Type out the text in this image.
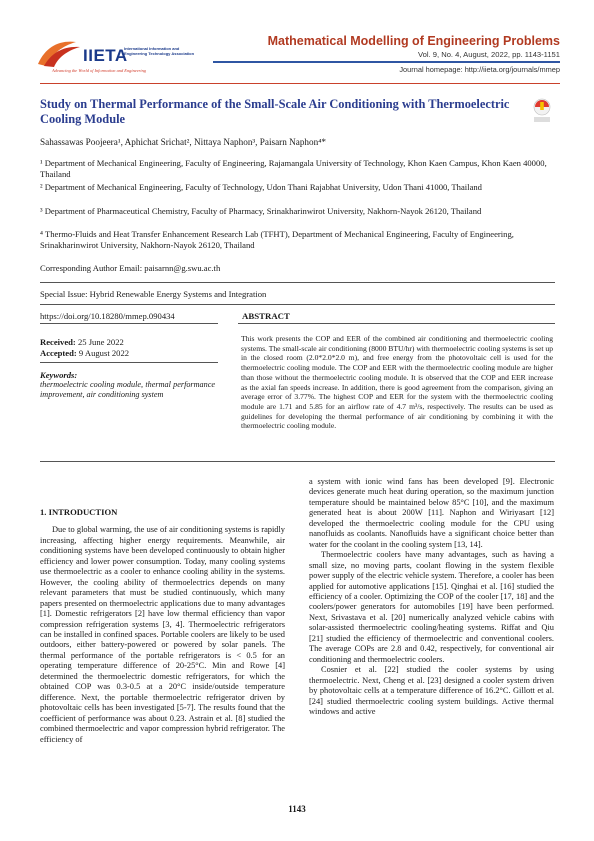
IIETA
International Information and
Engineering Technology Association
Advancing the World of Information and Engineering
Mathematical Modelling of Engineering Problems
Vol. 9, No. 4, August, 2022, pp. 1143-1151
Journal homepage: http://iieta.org/journals/mmep
Study on Thermal Performance of the Small-Scale Air Conditioning with Thermoelectric Cooling Module
Sahassawas Poojeera¹, Aphichat Srichat², Nittaya Naphon³, Paisarn Naphon⁴*
¹ Department of Mechanical Engineering, Faculty of Engineering, Rajamangala University of Technology, Khon Kaen Campus, Khon Kaen 40000, Thailand
² Department of Mechanical Engineering, Faculty of Technology, Udon Thani Rajabhat University, Udon Thani 41000, Thailand
³ Department of Pharmaceutical Chemistry, Faculty of Pharmacy, Srinakharinwirot University, Nakhorn-Nayok 26120, Thailand
⁴ Thermo-Fluids and Heat Transfer Enhancement Research Lab (TFHT), Department of Mechanical Engineering, Faculty of Engineering, Srinakharinwirot University, Nakhorn-Nayok 26120, Thailand
Corresponding Author Email: paisarnn@g.swu.ac.th
Special Issue: Hybrid Renewable Energy Systems and Integration
https://doi.org/10.18280/mmep.090434
Received: 25 June 2022
Accepted: 9 August 2022
Keywords:
thermoelectric cooling module, thermal performance improvement, air conditioning system
ABSTRACT
This work presents the COP and EER of the combined air conditioning and thermoelectric cooling systems. The small-scale air conditioning (8000 BTU/hr) with thermoelectric cooling systems is set up in the closed room (2.0*2.0*2.0 m), and free energy from the photovoltaic cell is used for the thermoelectric cooling module. The COP and EER with the thermoelectric cooling module are higher than those without the thermoelectric cooling module. It is observed that the COP and EER increase as the axial fan speeds increase. In addition, there is good agreement from the comparison, giving an average error of 3.77%. The highest COP and EER for the system with the thermoelectric cooling module are 1.71 and 5.85 for an airflow rate of 4.7 m³/s, respectively. The results can be used as guidelines for developing the thermal performance of air conditioning by combining it with the thermoelectric cooling module.
1. INTRODUCTION

Due to global warming, the use of air conditioning systems is rapidly increasing, affecting higher energy requirements. Meanwhile, air conditioning systems have been developed continuously to obtain higher efficiency and lower power consumption. Today, many cooling systems use thermoelectric as a cooler to enhance cooling ability in the systems. However, the cooling ability of thermoelectrics depends on many relevant parameters that must be studied continuously, which many papers presented on thermoelectric applications due to many advantages [1]. Domestic refrigerators [2] have low thermal efficiency than vapor compression refrigeration systems [3, 4]. Thermoelectric refrigerators can be installed in confined spaces. Portable coolers are likely to be used outdoors, either battery-powered or powered by solar panels. The thermal performance of the portable refrigerators is < 0.5 for an operating temperature difference of 20-25°C. Min and Rowe [4] determined the thermoelectric domestic refrigerators, for which the obtained COP was 0.3-0.5 at a 20°C inside/outside temperature difference. Next, the portable thermoelectric refrigerator driven by photovoltaic cells has been investigated [5-7]. The results found that the coefficient of performance was about 0.23. Astrain et al. [8] studied the combined thermoelectric and vapor compression hybrid refrigerator. The efficiency of

a system with ionic wind fans has been developed [9]. Electronic devices generate much heat during operation, so the maximum junction temperature should be maintained below 85°C [10], and the maximum generated heat is about 200W [11]. Naphon and Wiriyasart [12] developed the thermoelectric cooling module for the CPU using nanofluids as coolants. Nanofluids have a significant choice better than water for the coolant in the cooling system [13, 14].

Thermoelectric coolers have many advantages, such as having a small size, no moving parts, coolant flowing in the system flexible power supply of the electric vehicle system. Therefore, a cooler has been applied for automotive applications [15]. Qinghai et al. [16] studied the efficiency of a cooler. Optimizing the COP of the cooler [17, 18] and the coolers/power generators for automobiles [19] have been performed. Next, Srivastava et al. [20] numerically analyzed vehicle cabins with solar-assisted thermoelectric cooling/heating systems. Riffat and Qiu [21] studied the efficiency of thermoelectric and conventional coolers. The average COPs are 2.8 and 0.42, respectively, for conventional air conditioning and thermoelectric coolers.

Cosnier et al. [22] studied the cooler systems by using thermoelectric. Next, Cheng et al. [23] designed a cooler system driven by photovoltaic cells at a temperature difference of 16.2°C. Gillott et al. [24] studied thermoelectric cooling system buildings. Active thermal windows and active

1143
